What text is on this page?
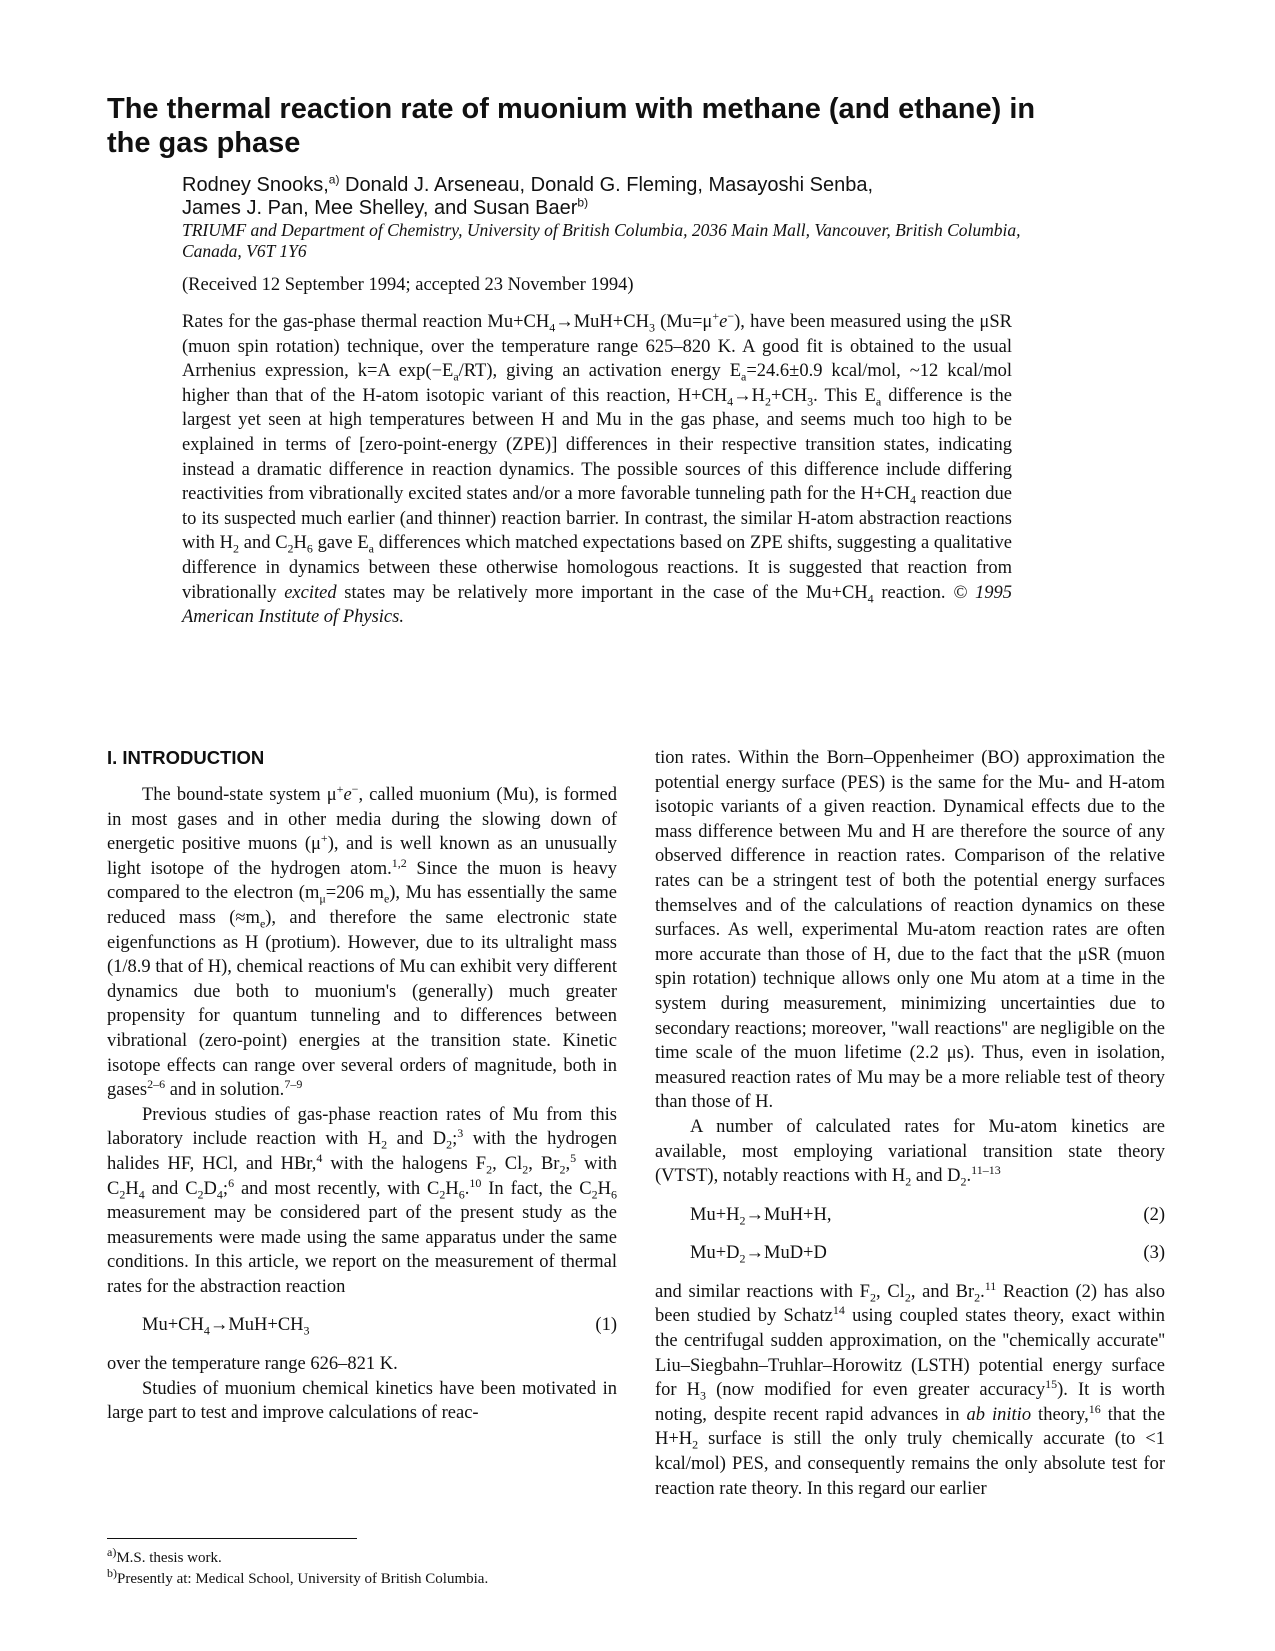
The thermal reaction rate of muonium with methane (and ethane) in the gas phase
Rodney Snooks,$^{a)}$ Donald J. Arseneau, Donald G. Fleming, Masayoshi Senba,
James J. Pan, Mee Shelley, and Susan Baer$^{b)}$
TRIUMF and Department of Chemistry, University of British Columbia, 2036 Main Mall, Vancouver, British Columbia, Canada, V6T 1Y6
(Received 12 September 1994; accepted 23 November 1994)

Rates for the gas-phase thermal reaction $Mu+CH_4\to MuH+CH_3$ (Mu=μ+e−), have been measured using the μSR (muon spin rotation) technique, over the temperature range 625–820 K. A good fit is obtained to the usual Arrhenius expression, k=A $\exp(-E_a/RT)$, giving an activation energy $E_a=24.6\pm 0.9$ kcal/mol, ~12 kcal/mol higher than that of the H-atom isotopic variant of this reaction, $H+CH_4\to H_2+CH_3$. This $E_a$ difference is the largest yet seen at high temperatures between H and Mu in the gas phase, and seems much too high to be explained in terms of [zero-point-energy (ZPE)] differences in their respective transition states, indicating instead a dramatic difference in reaction dynamics. The possible sources of this difference include differing reactivities from vibrationally excited states and/or a more favorable tunneling path for the $H+CH_4$ reaction due to its suspected much earlier (and thinner) reaction barrier. In contrast, the similar H-atom abstraction reactions with $H_2$ and $C_2H_6$ gave $E_a$ differences which matched expectations based on ZPE shifts, suggesting a qualitative difference in dynamics between these otherwise homologous reactions. It is suggested that reaction from vibrationally excited states may be relatively more important in the case of the $Mu+CH_4$ reaction. © 1995 American Institute of Physics.

I. INTRODUCTION

The bound-state system μ+e−, called muonium (Mu), is formed in most gases and in other media during the slowing down of energetic positive muons (μ+), and is well known as an unusually light isotope of the hydrogen atom.$^{1,2}$ Since the muon is heavy compared to the electron ($m_\mu=206$ $m_e$), Mu has essentially the same reduced mass $(\approx m_e)$, and therefore the same electronic state eigenfunctions as H (protium). However, due to its ultralight mass (1/8.9 that of H), chemical reactions of Mu can exhibit very different dynamics due both to muonium's (generally) much greater propensity for quantum tunneling and to differences between vibrational (zero-point) energies at the transition state. Kinetic isotope effects can range over several orders of magnitude, both in gases$^{2-6}$ and in solution.$^{7-9}$

Previous studies of gas-phase reaction rates of Mu from this laboratory include reaction with $H_2$ and $D_2;^3$ with the hydrogen halides HF, HCl, and HBr,$^4$ with the halogens $F_2$, $Cl_2$, $Br_2,^5$ with $C_2H_4$ and $C_2D_4;^6$ and most recently, with $C_2H_6.^{10}$ In fact, the $C_2H_6$ measurement may be considered part of the present study as the measurements were made using the same apparatus under the same conditions. In this article, we report on the measurement of thermal rates for the abstraction reaction

$Mu+CH_4\to MuH+CH_3$	(1)

over the temperature range 626–821 K.

Studies of muonium chemical kinetics have been motivated in large part to test and improve calculations of reac-

tion rates. Within the Born–Oppenheimer (BO) approximation the potential energy surface (PES) is the same for the Mu- and H-atom isotopic variants of a given reaction. Dynamical effects due to the mass difference between Mu and H are therefore the source of any observed difference in reaction rates. Comparison of the relative rates can be a stringent test of both the potential energy surfaces themselves and of the calculations of reaction dynamics on these surfaces. As well, experimental Mu-atom reaction rates are often more accurate than those of H, due to the fact that the μSR (muon spin rotation) technique allows only one Mu atom at a time in the system during measurement, minimizing uncertainties due to secondary reactions; moreover, ''wall reactions'' are negligible on the time scale of the muon lifetime (2.2 μs). Thus, even in isolation, measured reaction rates of Mu may be a more reliable test of theory than those of H.

A number of calculated rates for Mu-atom kinetics are available, most employing variational transition state theory (VTST), notably reactions with $H_2$ and $D_2.^{11-13}$

$Mu+H_2\to MuH+H$,	(2)
$Mu+D_2\to MuD+D$	(3)

and similar reactions with $F_2$, $Cl_2$, and $Br_2.^{11}$ Reaction (2) has also been studied by Schatz$^{14}$ using coupled states theory, exact within the centrifugal sudden approximation, on the ''chemically accurate'' Liu–Siegbahn–Truhlar–Horowitz (LSTH) potential energy surface for $H_3$ (now modified for even greater accuracy$^{15}$). It is worth noting, despite recent rapid advances in ab initio theory,$^{16}$ that the $H+H_2$ surface is still the only truly chemically accurate (to <1 kcal/mol) PES, and consequently remains the only absolute test for reaction rate theory. In this regard our earlier

$^{a)}$M.S. thesis work.
$^{b)}$Presently at: Medical School, University of British Columbia.
